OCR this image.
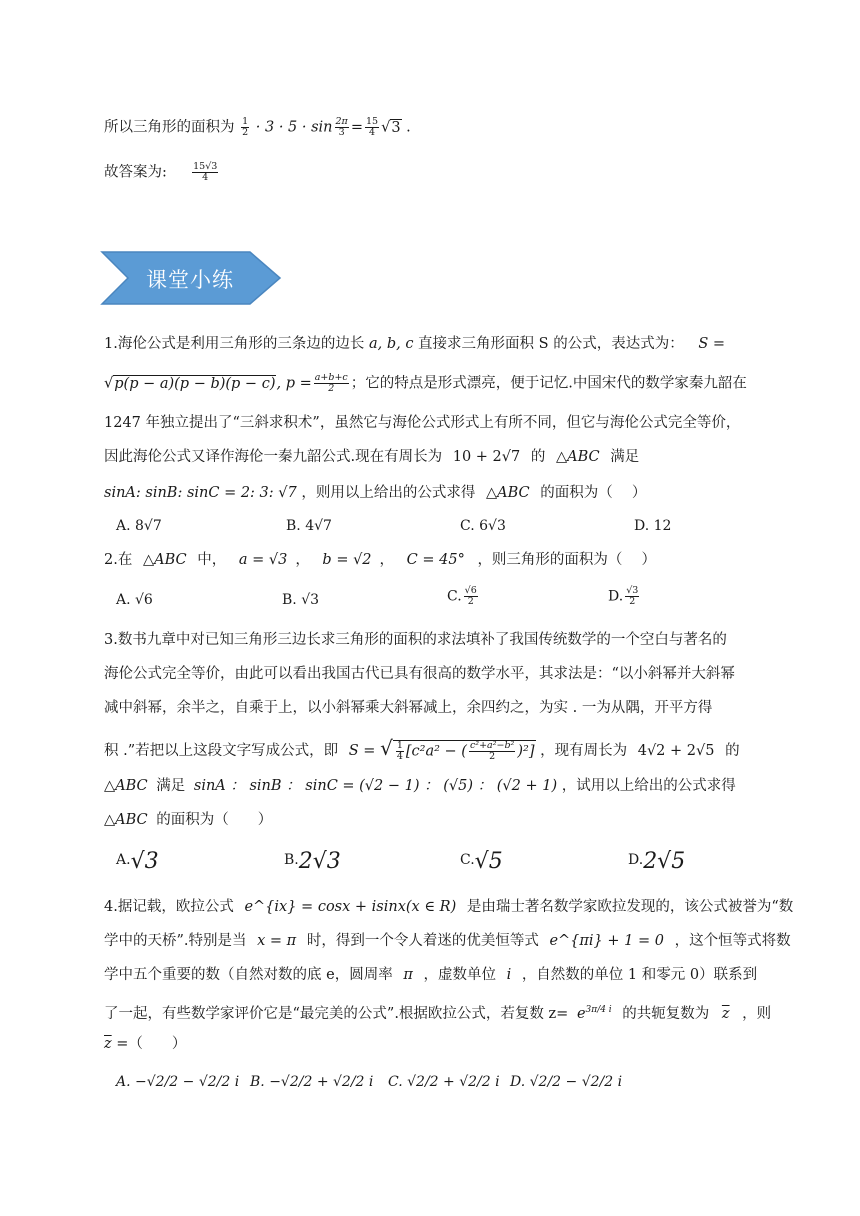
所以三角形的面积为 $\frac{1}{2} \cdot 3 \cdot 5 \cdot \sin \frac{2\pi}{3} = \frac{15}{4} √3$ .
故答案为:	$\frac{15√3}{4}$
课堂小练
1.海伦公式是利用三角形的三条边的边长 a, b, c 直接求三角形面积 S 的公式，表达式为： S =
√p(p − a)(p − b)(p − c), $p = \frac{a+b+c}{2}$ ；它的特点是形式漂亮，便于记忆.中国宋代的数学家秦九韶在
1247 年独立提出了“三斜求积术”，虽然它与海伦公式形式上有所不同，但它与海伦公式完全等价，
因此海伦公式又译作海伦一秦九韶公式.现在有周长为 10 + 2√7 的 △ABC 满足
sinA: sinB: sinC = 2: 3: √7 ，则用以上给出的公式求得 △ABC 的面积为（　 ）
A. 8√7	B. 4√7	C. 6√3	D. 12
2.在 △ABC 中， a = √3 ， b = √2 ， C = 45° ，则三角形的面积为（　 ）
A. √6	B. √3	C. $\frac{√6}{2}$	D. $\frac{√3}{2}$
3.数书九章中对已知三角形三边长求三角形的面积的求法填补了我国传统数学的一个空白与著名的
海伦公式完全等价，由此可以看出我国古代已具有很高的数学水平，其求法是：“以小斜幂并大斜幂
减中斜幂，余半之，自乘于上，以小斜幂乘大斜幂减上，余四约之，为实 . 一为从隅，开平方得
积 .”若把以上这段文字写成公式，即 S = √ $\frac{1}{4} [c^2a^2$ − ( $\frac{\text{c²+a²−b²}}{2} )^2$] ，现有周长为 4√2 + 2√5 的
△ABC 满足 sinA ： sinB ： sinC = (√2 − 1) ： (√5) ： (√2 + 1) ，试用以上给出的公式求得
△ABC 的面积为（　　）
A.√3	B.2√3	C.√5	D.2√5
4.据记载，欧拉公式 e^{ix} = cosx + isinx(x ∈ R) 是由瑞士著名数学家欧拉发现的，该公式被誉为“数
学中的天桥”.特别是当 x = π 时，得到一个令人着迷的优美恒等式 e^{πi} + 1 = 0 ，这个恒等式将数
学中五个重要的数（自然对数的底 e，圆周率 π ，虚数单位 i ，自然数的单位 1 和零元 0）联系到
了一起，有些数学家评价它是“最完美的公式”.根据欧拉公式，若复数 $z= e^{3\pi/4 i}$ 的共轭复数为 $\overline{z}$ ，则
$\overline{z}$ =（　　）
A. −√2/2 − √2/2 i B. −√2/2 + √2/2 i C. √2/2 + √2/2 i D. √2/2 − √2/2 i
